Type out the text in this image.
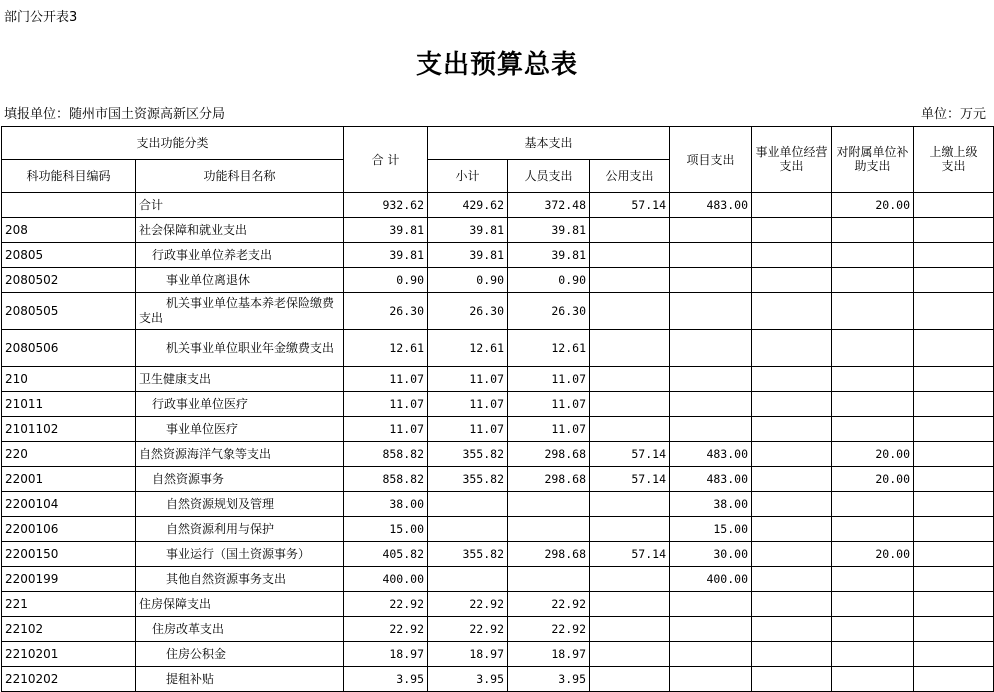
部门公开表3
支出预算总表
填报单位：随州市国土资源高新区分局	单位：万元
支出功能分类		合 计	基本支出			项目支出	事业单位经营支出	对附属单位补助支出	上缴上级支出
科功能科目编码	功能科目名称		小计	人员支出	公用支出				
	合计	932.62	429.62	372.48	57.14	483.00		20.00	
208	社会保障和就业支出	39.81	39.81	39.81					
20805	行政事业单位养老支出	39.81	39.81	39.81					
2080502	事业单位离退休	0.90	0.90	0.90					
2080505	机关事业单位基本养老保险缴费支出	26.30	26.30	26.30					
2080506	机关事业单位职业年金缴费支出	12.61	12.61	12.61					
210	卫生健康支出	11.07	11.07	11.07					
21011	行政事业单位医疗	11.07	11.07	11.07					
2101102	事业单位医疗	11.07	11.07	11.07					
220	自然资源海洋气象等支出	858.82	355.82	298.68	57.14	483.00		20.00	
22001	自然资源事务	858.82	355.82	298.68	57.14	483.00		20.00	
2200104	自然资源规划及管理	38.00				38.00			
2200106	自然资源利用与保护	15.00				15.00			
2200150	事业运行（国土资源事务）	405.82	355.82	298.68	57.14	30.00		20.00	
2200199	其他自然资源事务支出	400.00				400.00			
221	住房保障支出	22.92	22.92	22.92					
22102	住房改革支出	22.92	22.92	22.92					
2210201	住房公积金	18.97	18.97	18.97					
2210202	提租补贴	3.95	3.95	3.95					
